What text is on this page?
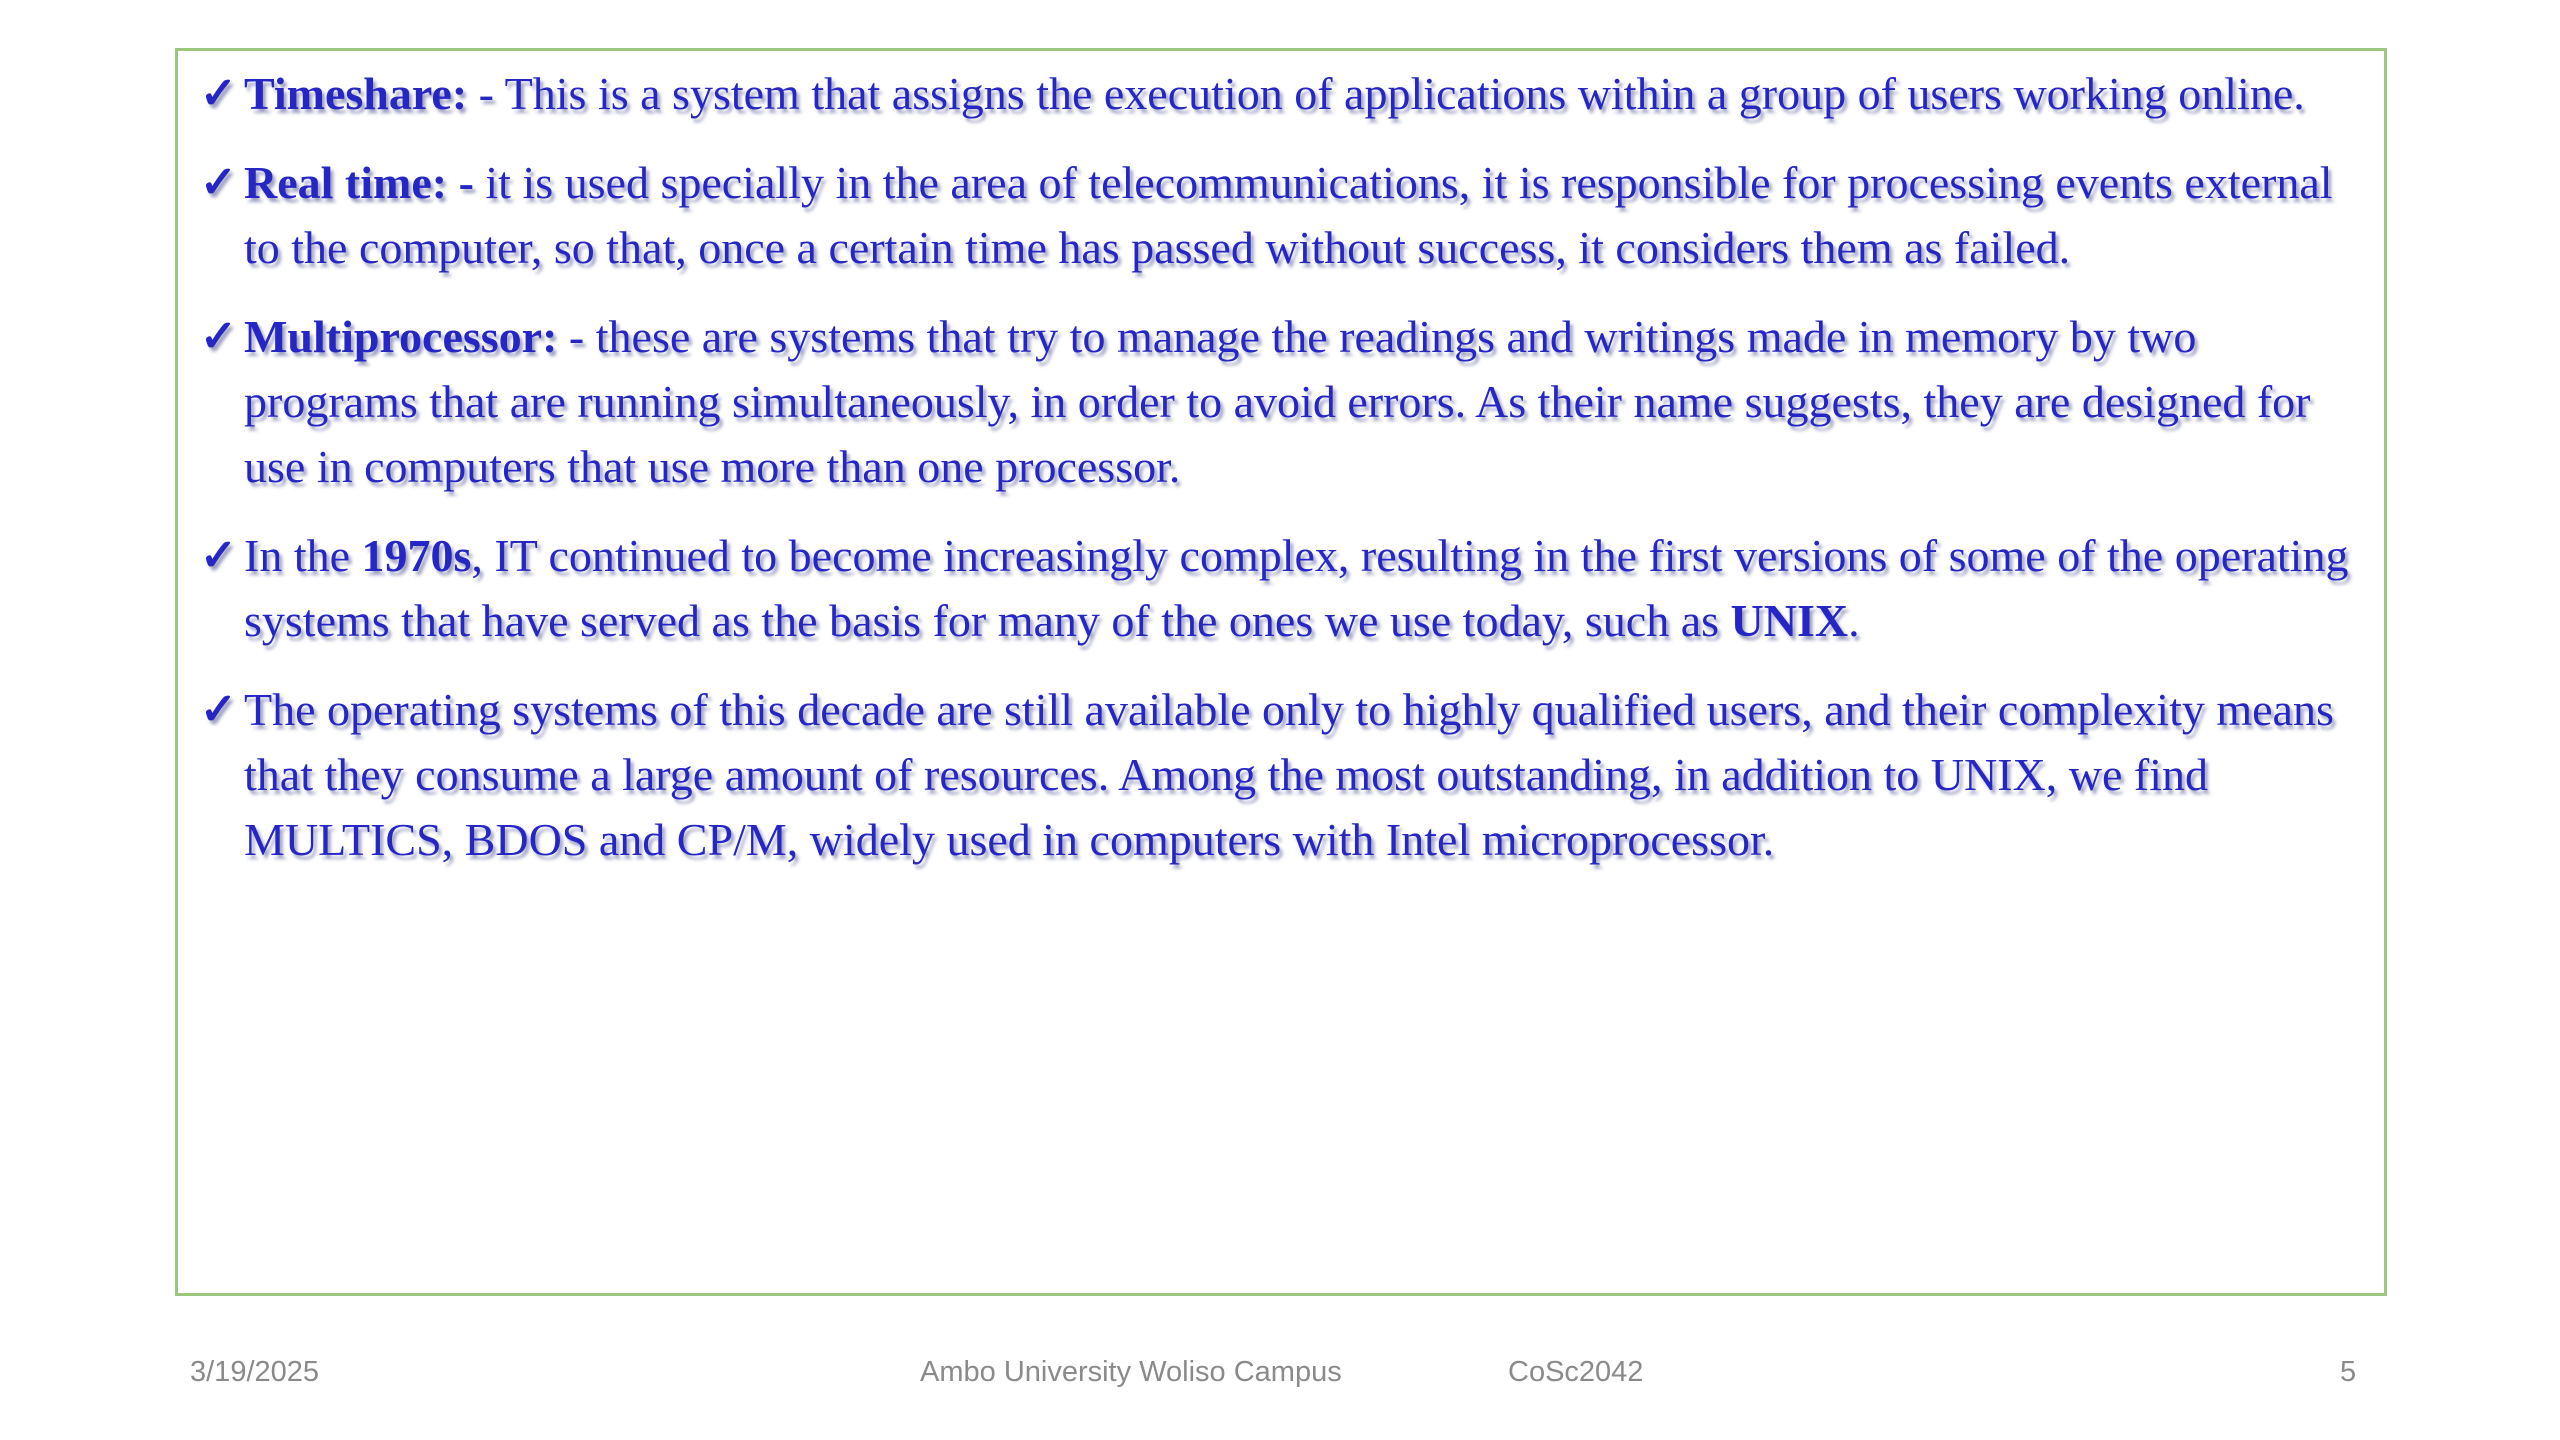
✓ Timeshare: - This is a system that assigns the execution of applications within a group of users working online.
✓ Real time: - it is used specially in the area of telecommunications, it is responsible for processing events external to the computer, so that, once a certain time has passed without success, it considers them as failed.
✓ Multiprocessor: - these are systems that try to manage the readings and writings made in memory by two programs that are running simultaneously, in order to avoid errors. As their name suggests, they are designed for use in computers that use more than one processor.
✓ In the 1970s, IT continued to become increasingly complex, resulting in the first versions of some of the operating systems that have served as the basis for many of the ones we use today, such as UNIX.
✓ The operating systems of this decade are still available only to highly qualified users, and their complexity means that they consume a large amount of resources. Among the most outstanding, in addition to UNIX, we find MULTICS, BDOS and CP/M, widely used in computers with Intel microprocessor.
3/19/2025	Ambo University Woliso Campus	CoSc2042	5
